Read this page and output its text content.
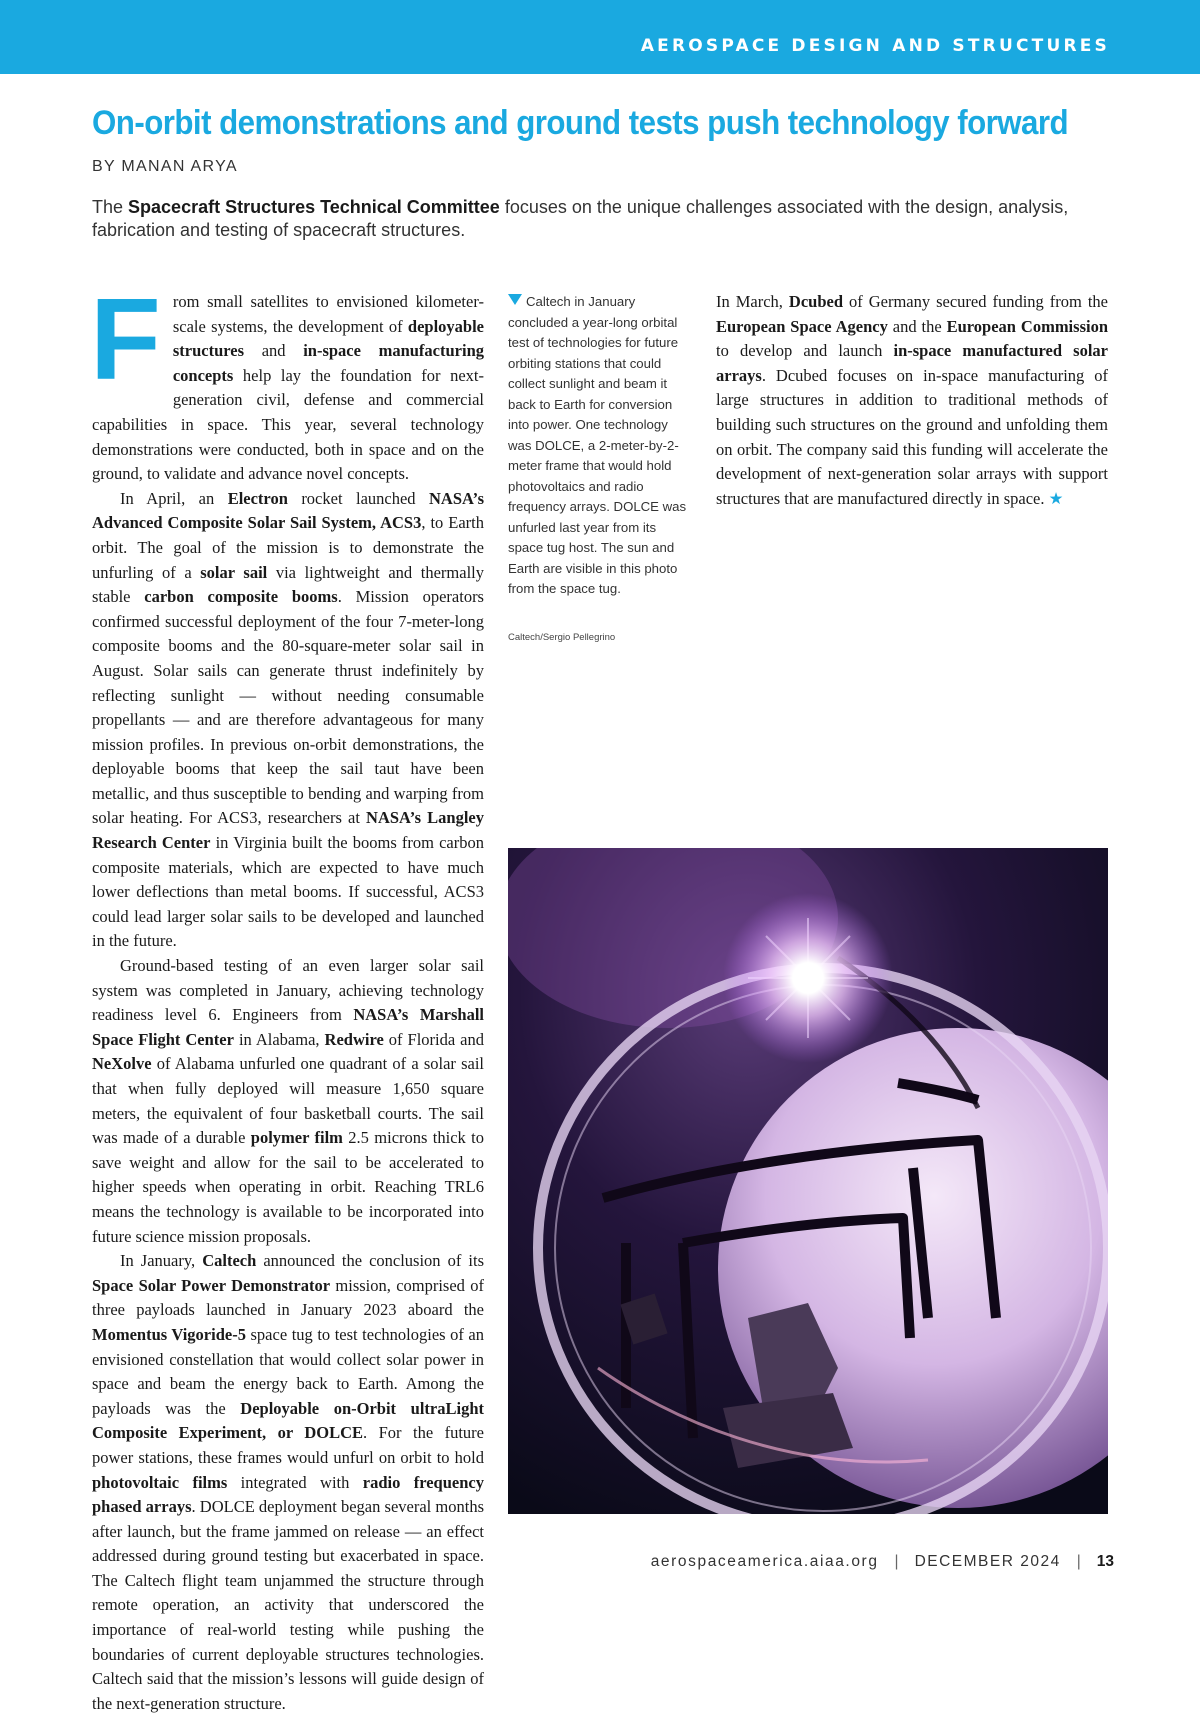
AEROSPACE DESIGN AND STRUCTURES
On-orbit demonstrations and ground tests push technology forward
BY MANAN ARYA
The Spacecraft Structures Technical Committee focuses on the unique challenges associated with the design, analysis, fabrication and testing of spacecraft structures.

From small satellites to envisioned kilometer-scale systems, the development of deployable structures and in-space manufacturing concepts help lay the foundation for next-generation civil, defense and commercial capabilities in space. This year, several technology demonstrations were conducted, both in space and on the ground, to validate and advance novel concepts.

In April, an Electron rocket launched NASA’s Advanced Composite Solar Sail System, ACS3, to Earth orbit. The goal of the mission is to demonstrate the unfurling of a solar sail via lightweight and thermally stable carbon composite booms. Mission operators confirmed successful deployment of the four 7-meter-long composite booms and the 80-square-meter solar sail in August. Solar sails can generate thrust indefinitely by reflecting sunlight — without needing consumable propellants — and are therefore advantageous for many mission profiles. In previous on-orbit demonstrations, the deployable booms that keep the sail taut have been metallic, and thus susceptible to bending and warping from solar heating. For ACS3, researchers at NASA’s Langley Research Center in Virginia built the booms from carbon composite materials, which are expected to have much lower deflections than metal booms. If successful, ACS3 could lead larger solar sails to be developed and launched in the future.

Ground-based testing of an even larger solar sail system was completed in January, achieving technology readiness level 6. Engineers from NASA’s Marshall Space Flight Center in Alabama, Redwire of Florida and NeXolve of Alabama unfurled one quadrant of a solar sail that when fully deployed will measure 1,650 square meters, the equivalent of four basketball courts. The sail was made of a durable polymer film 2.5 microns thick to save weight and allow for the sail to be accelerated to higher speeds when operating in orbit. Reaching TRL6 means the technology is available to be incorporated into future science mission proposals.

In January, Caltech announced the conclusion of its Space Solar Power Demonstrator mission, comprised of three payloads launched in January 2023 aboard the Momentus Vigoride-5 space tug to test technologies of an envisioned constellation that would collect solar power in space and beam the energy back to Earth. Among the payloads was the Deployable on-Orbit ultraLight Composite Experiment, or DOLCE. For the future power stations, these frames would unfurl on orbit to hold photovoltaic films integrated with radio frequency phased arrays. DOLCE deployment began several months after launch, but the frame jammed on release — an effect addressed during ground testing but exacerbated in space. The Caltech flight team unjammed the structure through remote operation, an activity that underscored the importance of real-world testing while pushing the boundaries of current deployable structures technologies. Caltech said that the mission’s lessons will guide design of the next-generation structure.

Caltech in January concluded a year-long orbital test of technologies for future orbiting stations that could collect sunlight and beam it back to Earth for conversion into power. One technology was DOLCE, a 2-meter-by-2-meter frame that would hold photovoltaics and radio frequency arrays. DOLCE was unfurled last year from its space tug host. The sun and Earth are visible in this photo from the space tug.
Caltech/Sergio Pellegrino

In March, Dcubed of Germany secured funding from the European Space Agency and the European Commission to develop and launch in-space manufactured solar arrays. Dcubed focuses on in-space manufacturing of large structures in addition to traditional methods of building such structures on the ground and unfolding them on orbit. The company said this funding will accelerate the development of next-generation solar arrays with support structures that are manufactured directly in space. ★

aerospaceamerica.aiaa.org | DECEMBER 2024 | 13
